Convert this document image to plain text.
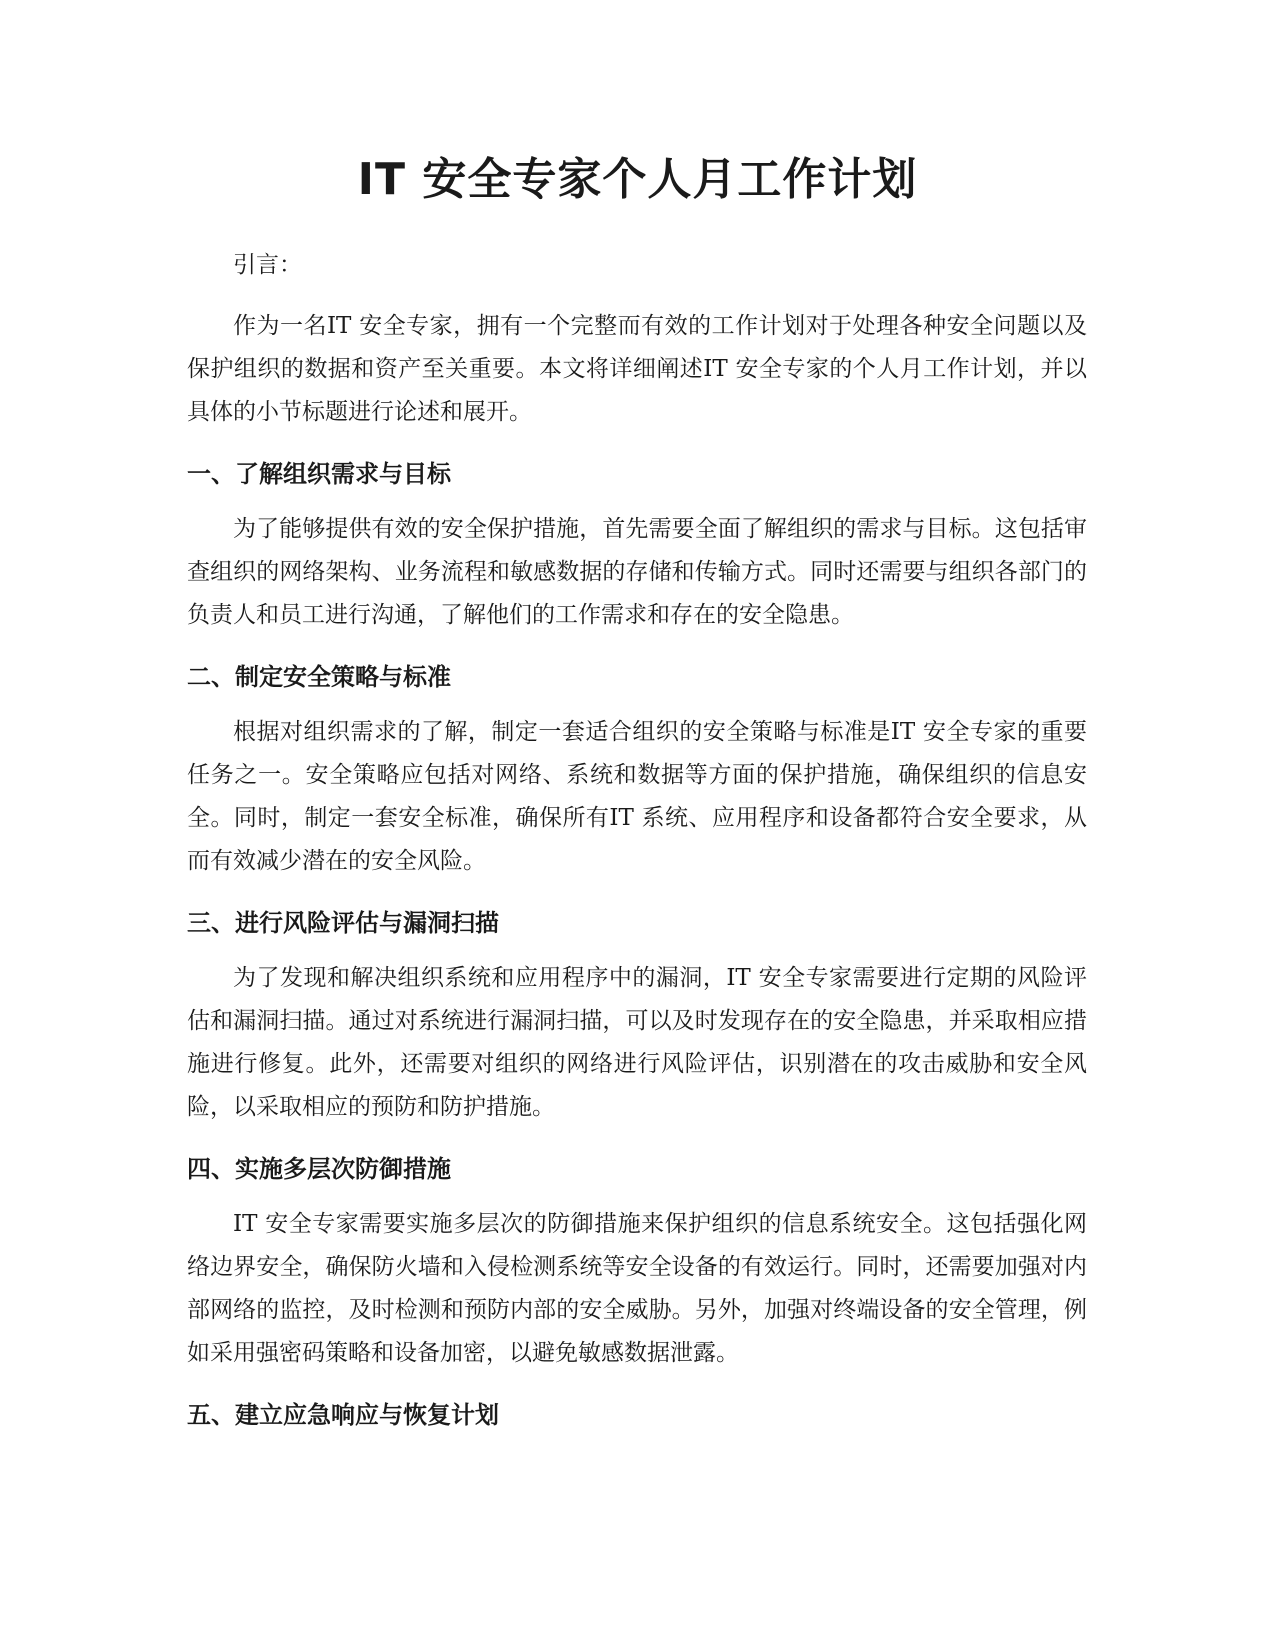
IT 安全专家个人月工作计划

引言：

作为一名IT 安全专家，拥有一个完整而有效的工作计划对于处理各种安全问题以及保护组织的数据和资产至关重要。本文将详细阐述IT 安全专家的个人月工作计划，并以具体的小节标题进行论述和展开。

一、了解组织需求与目标

为了能够提供有效的安全保护措施，首先需要全面了解组织的需求与目标。这包括审查组织的网络架构、业务流程和敏感数据的存储和传输方式。同时还需要与组织各部门的负责人和员工进行沟通，了解他们的工作需求和存在的安全隐患。

二、制定安全策略与标准

根据对组织需求的了解，制定一套适合组织的安全策略与标准是IT 安全专家的重要任务之一。安全策略应包括对网络、系统和数据等方面的保护措施，确保组织的信息安全。同时，制定一套安全标准，确保所有IT 系统、应用程序和设备都符合安全要求，从而有效减少潜在的安全风险。

三、进行风险评估与漏洞扫描

为了发现和解决组织系统和应用程序中的漏洞，IT 安全专家需要进行定期的风险评估和漏洞扫描。通过对系统进行漏洞扫描，可以及时发现存在的安全隐患，并采取相应措施进行修复。此外，还需要对组织的网络进行风险评估，识别潜在的攻击威胁和安全风险，以采取相应的预防和防护措施。

四、实施多层次防御措施

IT 安全专家需要实施多层次的防御措施来保护组织的信息系统安全。这包括强化网络边界安全，确保防火墙和入侵检测系统等安全设备的有效运行。同时，还需要加强对内部网络的监控，及时检测和预防内部的安全威胁。另外，加强对终端设备的安全管理，例如采用强密码策略和设备加密，以避免敏感数据泄露。

五、建立应急响应与恢复计划
